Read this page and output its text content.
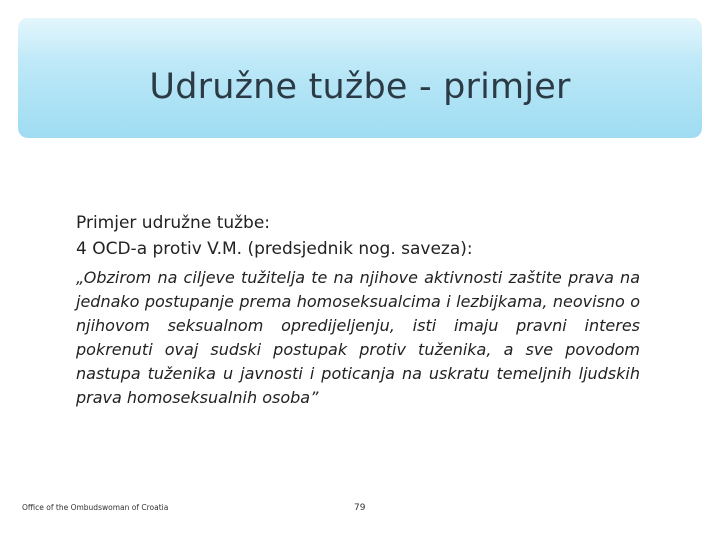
Udružne tužbe - primjer
Primjer udružne tužbe:
4 OCD-a protiv V.M. (predsjednik nog. saveza):
„Obzirom na ciljeve tužitelja te na njihove aktivnosti zaštite prava na jednako postupanje prema homoseksualcima i lezbijkama, neovisno o njihovom seksualnom opredijeljenju, isti imaju pravni interes pokrenuti ovaj sudski postupak protiv tuženika, a sve povodom nastupa tuženika u javnosti i poticanja na uskratu temeljnih ljudskih prava homoseksualnih osoba”
Office of the Ombudswoman of Croatia	79
